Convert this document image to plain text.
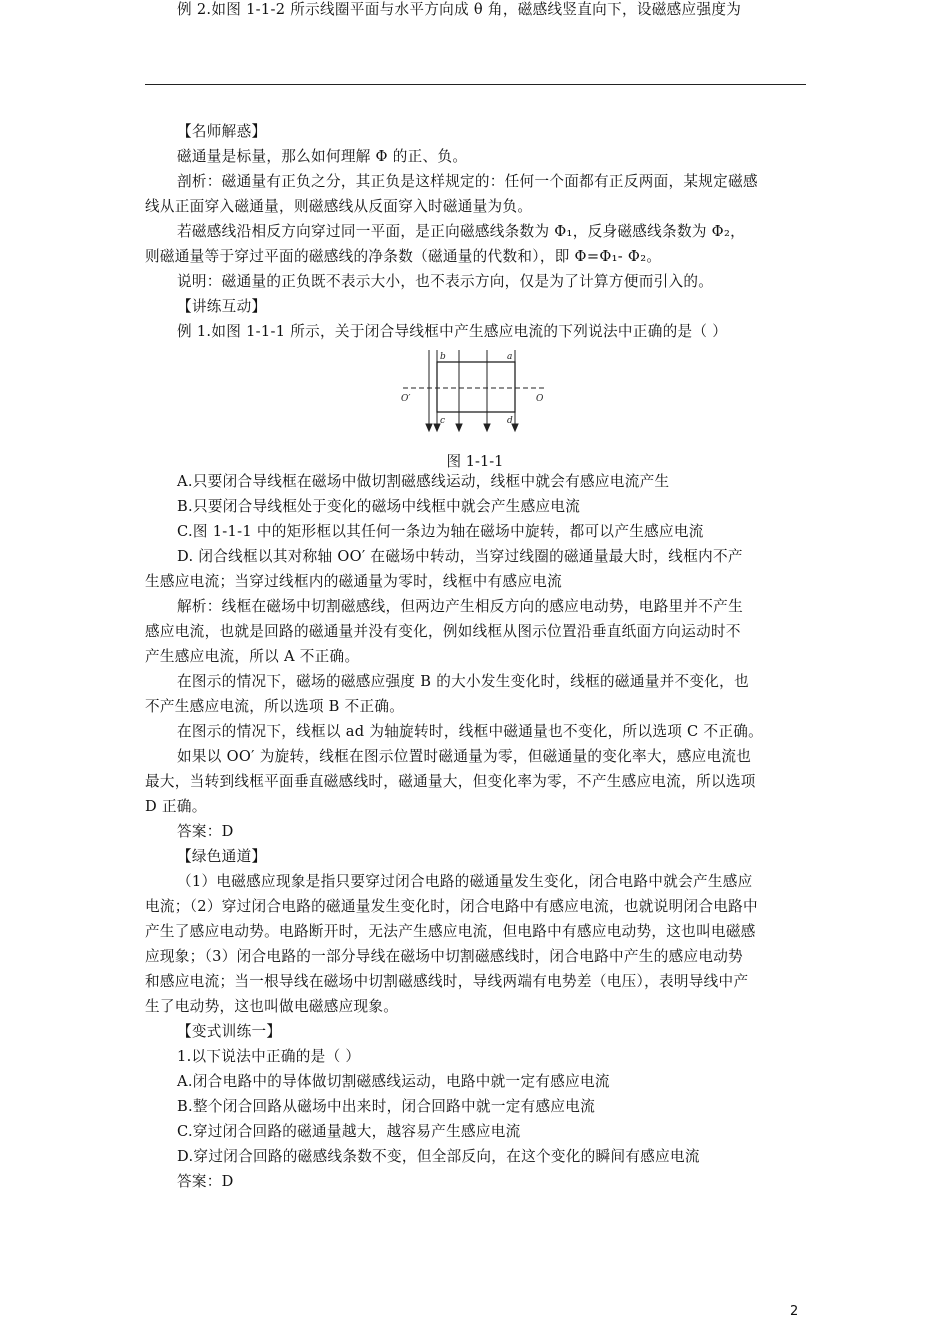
【名师解惑】
磁通量是标量，那么如何理解 Φ 的正、负。
剖析：磁通量有正负之分，其正负是这样规定的：任何一个面都有正反两面，某规定磁感
线从正面穿入磁通量，则磁感线从反面穿入时磁通量为负。
若磁感线沿相反方向穿过同一平面，是正向磁感线条数为 Φ₁，反身磁感线条数为 Φ₂，
则磁通量等于穿过平面的磁感线的净条数（磁通量的代数和），即 Φ=Φ₁- Φ₂。
说明：磁通量的正负既不表示大小，也不表示方向，仅是为了计算方便而引入的。
【讲练互动】
例 1.如图 1-1-1 所示，关于闭合导线框中产生感应电流的下列说法中正确的是（ ）
A.只要闭合导线框在磁场中做切割磁感线运动，线框中就会有感应电流产生
B.只要闭合导线框处于变化的磁场中线框中就会产生感应电流
C.图 1-1-1 中的矩形框以其任何一条边为轴在磁场中旋转，都可以产生感应电流
D. 闭合线框以其对称轴 OO′ 在磁场中转动，当穿过线圈的磁通量最大时，线框内不产
生感应电流；当穿过线框内的磁通量为零时，线框中有感应电流
解析：线框在磁场中切割磁感线，但两边产生相反方向的感应电动势，电路里并不产生
感应电流，也就是回路的磁通量并没有变化，例如线框从图示位置沿垂直纸面方向运动时不
产生感应电流，所以 A 不正确。
在图示的情况下，磁场的磁感应强度 B 的大小发生变化时，线框的磁通量并不变化，也
不产生感应电流，所以选项 B 不正确。
在图示的情况下，线框以 ad 为轴旋转时，线框中磁通量也不变化，所以选项 C 不正确。
如果以 OO′ 为旋转，线框在图示位置时磁通量为零，但磁通量的变化率大，感应电流也
最大，当转到线框平面垂直磁感线时，磁通量大，但变化率为零，不产生感应电流，所以选项
D 正确。
答案：D
【绿色通道】
（1）电磁感应现象是指只要穿过闭合电路的磁通量发生变化，闭合电路中就会产生感应
电流；（2）穿过闭合电路的磁通量发生变化时，闭合电路中有感应电流，也就说明闭合电路中
产生了感应电动势。电路断开时，无法产生感应电流，但电路中有感应电动势，这也叫电磁感
应现象；（3）闭合电路的一部分导线在磁场中切割磁感线时，闭合电路中产生的感应电动势
和感应电流；当一根导线在磁场中切割磁感线时，导线两端有电势差（电压），表明导线中产
生了电动势，这也叫做电磁感应现象。
【变式训练一】
1.以下说法中正确的是（ ）
A.闭合电路中的导体做切割磁感线运动，电路中就一定有感应电流
B.整个闭合回路从磁场中出来时，闭合回路中就一定有感应电流
C.穿过闭合回路的磁通量越大，越容易产生感应电流
D.穿过闭合回路的磁感线条数不变，但全部反向，在这个变化的瞬间有感应电流
答案：D
例 2.如图 1-1-2 所示线圈平面与水平方向成 θ 角，磁感线竖直向下，设磁感应强度为
b	a
c	d
O′	O
图 1-1-1
2
